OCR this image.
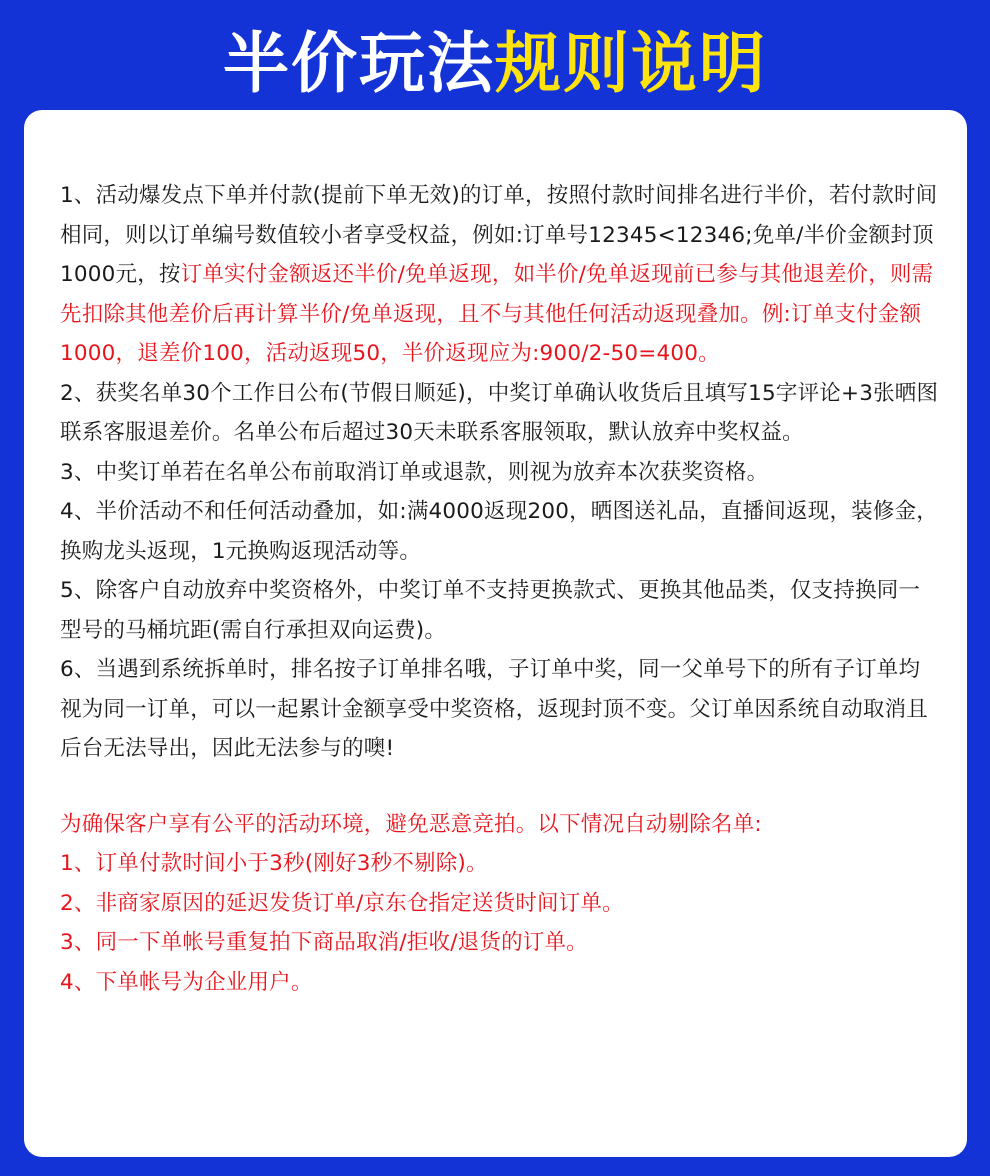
半价玩法规则说明

1、活动爆发点下单并付款(提前下单无效)的订单，按照付款时间排名进行半价，若付款时间相同，则以订单编号数值较小者享受权益，例如:订单号12345<12346;免单/半价金额封顶1000元，按订单实付金额返还半价/免单返现，如半价/免单返现前已参与其他退差价，则需先扣除其他差价后再计算半价/免单返现，且不与其他任何活动返现叠加。例:订单支付金额1000，退差价100，活动返现50，半价返现应为:900/2-50=400。

2、获奖名单30个工作日公布(节假日顺延)，中奖订单确认收货后且填写15字评论+3张晒图联系客服退差价。名单公布后超过30天未联系客服领取，默认放弃中奖权益。

3、中奖订单若在名单公布前取消订单或退款，则视为放弃本次获奖资格。

4、半价活动不和任何活动叠加，如:满4000返现200，晒图送礼品，直播间返现，装修金，换购龙头返现，1元换购返现活动等。

5、除客户自动放弃中奖资格外，中奖订单不支持更换款式、更换其他品类，仅支持换同一型号的马桶坑距(需自行承担双向运费)。

6、当遇到系统拆单时，排名按子订单排名哦，子订单中奖，同一父单号下的所有子订单均视为同一订单，可以一起累计金额享受中奖资格，返现封顶不变。父订单因系统自动取消且后台无法导出，因此无法参与的噢!

为确保客户享有公平的活动环境，避免恶意竞拍。以下情况自动剔除名单:

1、订单付款时间小于3秒(刚好3秒不剔除)。

2、非商家原因的延迟发货订单/京东仓指定送货时间订单。

3、同一下单帐号重复拍下商品取消/拒收/退货的订单。

4、下单帐号为企业用户。
